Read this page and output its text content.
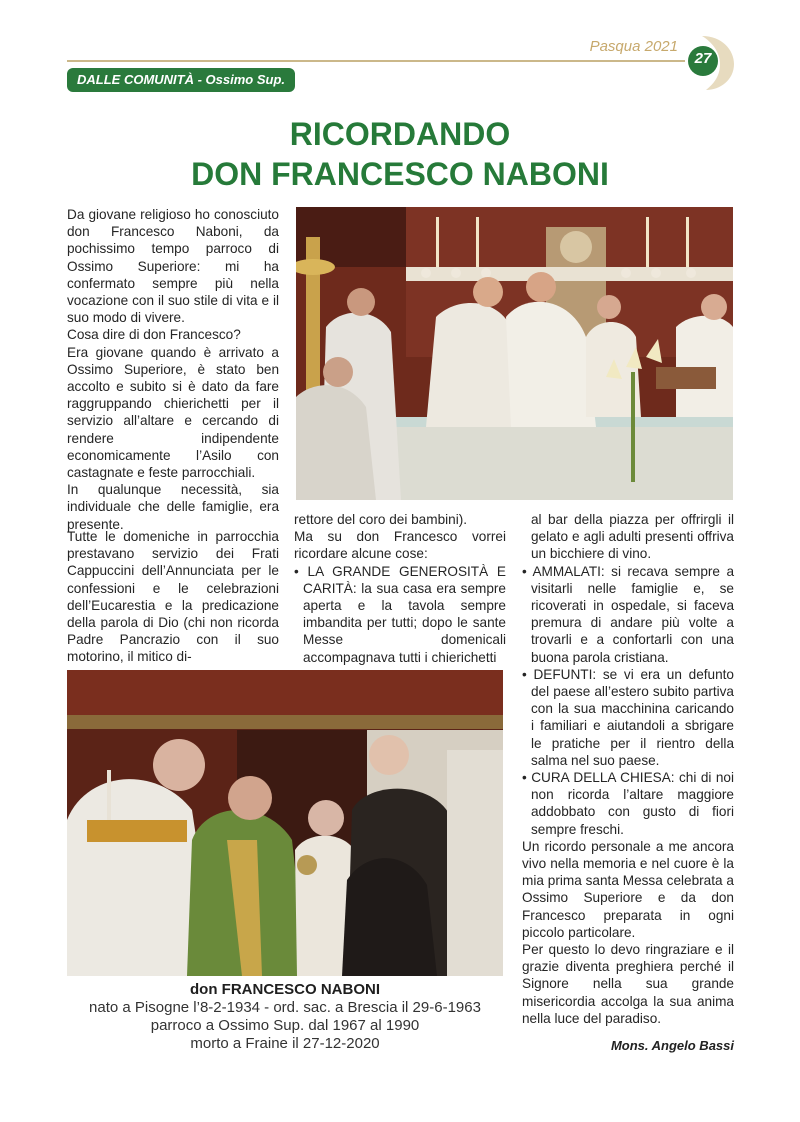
Pasqua 2021
27
DALLE COMUNITÀ - Ossimo Sup.
RICORDANDO
DON FRANCESCO NABONI

Da giovane religioso ho conosciuto don Francesco Naboni, da pochissimo tempo parroco di Ossimo Superiore: mi ha confermato sempre più nella vocazione con il suo stile di vita e il suo modo di vivere.

Cosa dire di don Francesco?

Era giovane quando è arrivato a Ossimo Superiore, è stato ben accolto e subito si è dato da fare raggruppando chierichetti per il servizio all’altare e cercando di rendere indipendente economicamente l’Asilo con castagnate e feste parrocchiali.

In qualunque necessità, sia individuale che delle famiglie, era presente.

Tutte le domeniche in parrocchia prestavano servizio dei Frati Cappuccini dell’Annunciata per le confessioni e le celebrazioni dell’Eucarestia e la predicazione della parola di Dio (chi non ricorda Padre Pancrazio con il suo motorino, il mitico di-

rettore del coro dei bambini).

Ma su don Francesco vorrei ricordare alcune cose:

• LA GRANDE GENEROSITÀ E CARITÀ: la sua casa era sempre aperta e la tavola sempre imbandita per tutti; dopo le sante Messe domenicali accompagnava tutti i chierichetti

al bar della piazza per offrirgli il gelato e agli adulti presenti offriva un bicchiere di vino.

• AMMALATI: si recava sempre a visitarli nelle famiglie e, se ricoverati in ospedale, si faceva premura di andare più volte a trovarli e a confortarli con una buona parola cristiana.

• DEFUNTI: se vi era un defunto del paese all’estero subito partiva con la sua macchinina caricando i familiari e aiutandoli a sbrigare le pratiche per il rientro della salma nel suo paese.

• CURA DELLA CHIESA: chi di noi non ricorda l’altare maggiore addobbato con gusto di fiori sempre freschi.

Un ricordo personale a me ancora vivo nella memoria e nel cuore è la mia prima santa Messa celebrata a Ossimo Superiore e da don Francesco preparata in ogni piccolo particolare.

Per questo lo devo ringraziare e il grazie diventa preghiera perché il Signore nella sua grande misericordia accolga la sua anima nella luce del paradiso.

Mons. Angelo Bassi
don FRANCESCO NABONI
nato a Pisogne l’8-2-1934 - ord. sac. a Brescia il 29-6-1963
parroco a Ossimo Sup. dal 1967 al 1990
morto a Fraine il 27-12-2020
